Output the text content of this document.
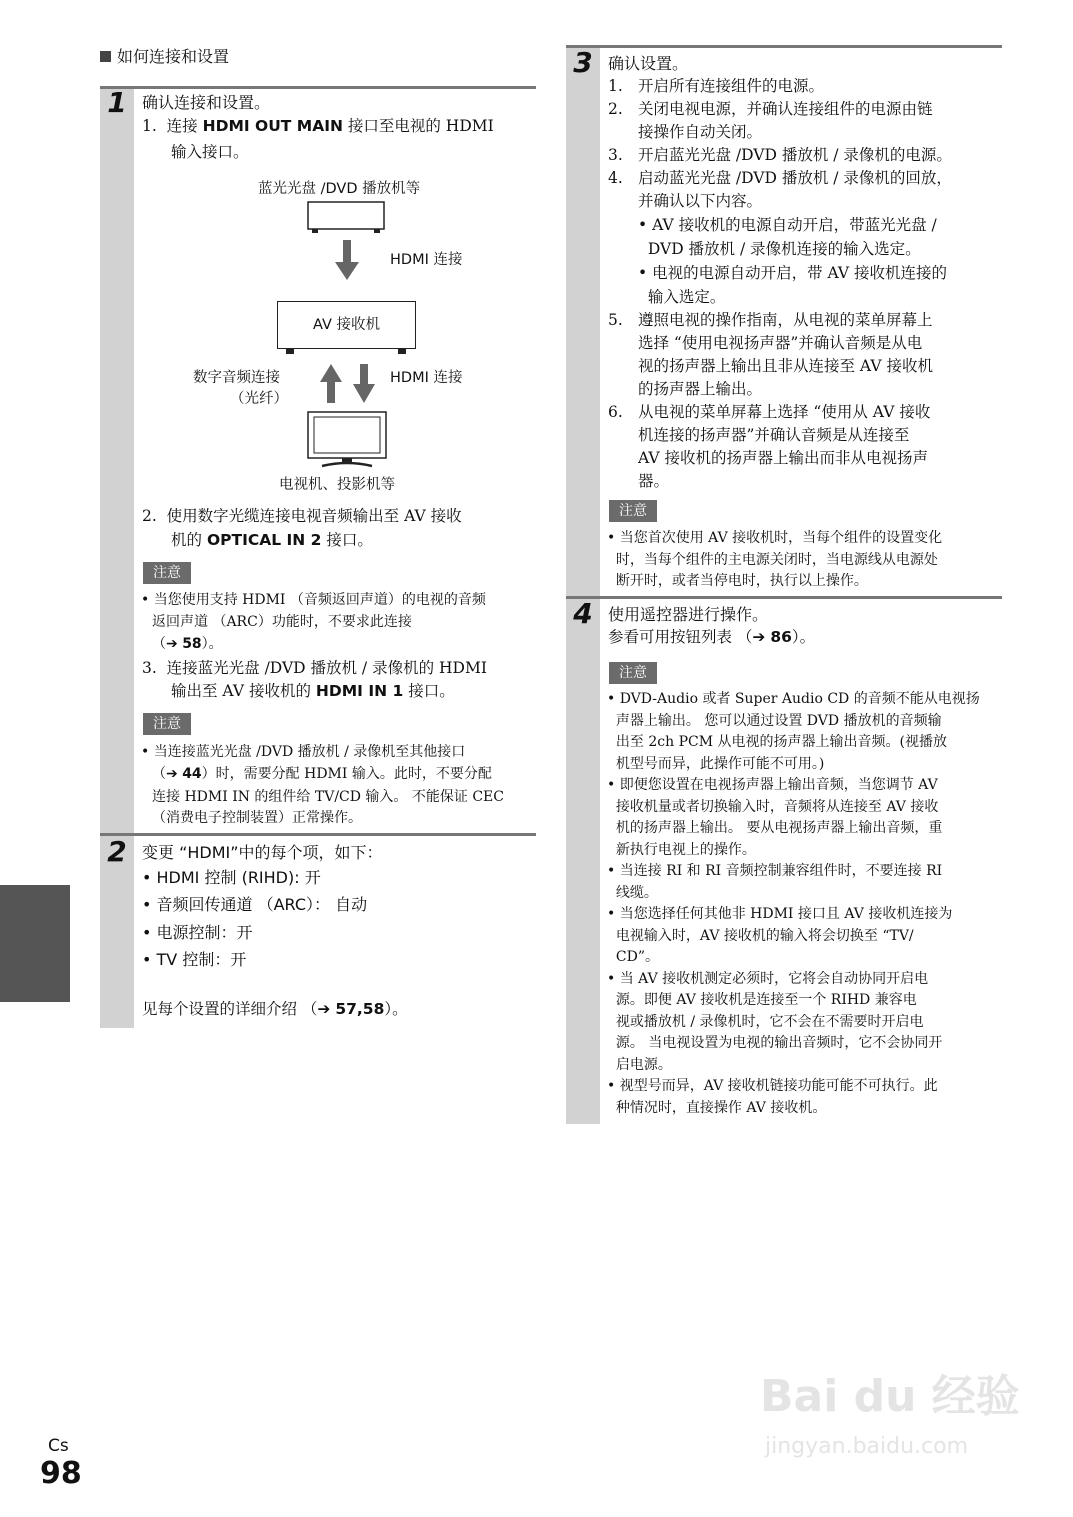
如何连接和设置
1 确认连接和设置。
1. 连接 HDMI OUT MAIN 接口至电视的 HDMI
输入接口。
蓝光光盘 /DVD 播放机等
HDMI 连接
AV 接收机
数字音频连接
（光纤）
HDMI 连接
电视机、投影机等
2. 使用数字光缆连接电视音频输出至 AV 接收
机的 OPTICAL IN 2 接口。
注意
• 当您使用支持 HDMI （音频返回声道）的电视的音频
返回声道 （ARC）功能时，不要求此连接
（➔ 58）。
3. 连接蓝光光盘 /DVD 播放机 / 录像机的 HDMI
输出至 AV 接收机的 HDMI IN 1 接口。
注意
• 当连接蓝光光盘 /DVD 播放机 / 录像机至其他接口
（➔ 44）时，需要分配 HDMI 输入。此时，不要分配
连接 HDMI IN 的组件给 TV/CD 输入。 不能保证 CEC
（消费电子控制装置）正常操作。
2 变更 “HDMI”中的每个项，如下：
• HDMI 控制 (RIHD): 开
• 音频回传通道 （ARC）： 自动
• 电源控制：开
• TV 控制：开
见每个设置的详细介绍 （➔ 57,58）。
3 确认设置。
1. 开启所有连接组件的电源。
2. 关闭电视电源，并确认连接组件的电源由链
接操作自动关闭。
3. 开启蓝光光盘 /DVD 播放机 / 录像机的电源。
4. 启动蓝光光盘 /DVD 播放机 / 录像机的回放，
并确认以下内容。
• AV 接收机的电源自动开启，带蓝光光盘 /
DVD 播放机 / 录像机连接的输入选定。
• 电视的电源自动开启，带 AV 接收机连接的
输入选定。
5. 遵照电视的操作指南，从电视的菜单屏幕上
选择 “使用电视扬声器”并确认音频是从电
视的扬声器上输出且非从连接至 AV 接收机
的扬声器上输出。
6. 从电视的菜单屏幕上选择 “使用从 AV 接收
机连接的扬声器”并确认音频是从连接至
AV 接收机的扬声器上输出而非从电视扬声
器。
注意
• 当您首次使用 AV 接收机时，当每个组件的设置变化
时，当每个组件的主电源关闭时，当电源线从电源处
断开时，或者当停电时，执行以上操作。
4 使用遥控器进行操作。
参看可用按钮列表 （➔ 86）。
注意
• DVD-Audio 或者 Super Audio CD 的音频不能从电视扬
声器上输出。 您可以通过设置 DVD 播放机的音频输
出至 2ch PCM 从电视的扬声器上输出音频。(视播放
机型号而异，此操作可能不可用。)
• 即便您设置在电视扬声器上输出音频，当您调节 AV
接收机量或者切换输入时，音频将从连接至 AV 接收
机的扬声器上输出。 要从电视扬声器上输出音频，重
新执行电视上的操作。
• 当连接 RI 和 RI 音频控制兼容组件时，不要连接 RI
线缆。
• 当您选择任何其他非 HDMI 接口且 AV 接收机连接为
电视输入时，AV 接收机的输入将会切换至 “TV/
CD”。
• 当 AV 接收机测定必须时，它将会自动协同开启电
源。即便 AV 接收机是连接至一个 RIHD 兼容电
视或播放机 / 录像机时，它不会在不需要时开启电
源。 当电视设置为电视的输出音频时，它不会协同开
启电源。
• 视型号而异，AV 接收机链接功能可能不可执行。此
种情况时，直接操作 AV 接收机。
Cs
98
Bai du 经验
jingyan.baidu.com
